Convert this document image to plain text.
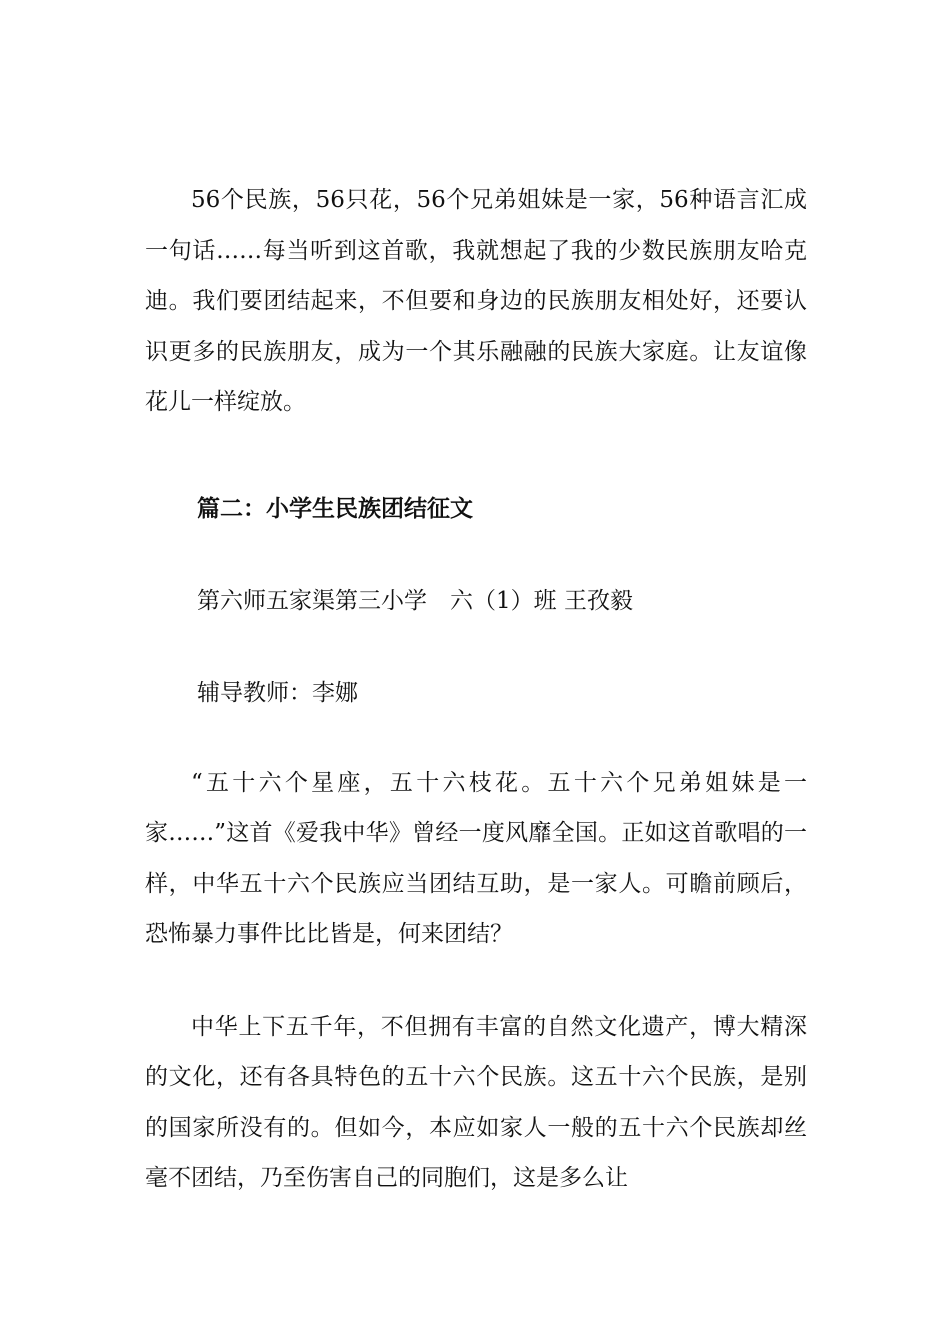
56个民族，56只花，56个兄弟姐妹是一家，56种语言汇成一句话……每当听到这首歌，我就想起了我的少数民族朋友哈克迪。我们要团结起来，不但要和身边的民族朋友相处好，还要认识更多的民族朋友，成为一个其乐融融的民族大家庭。让友谊像花儿一样绽放。

篇二：小学生民族团结征文

第六师五家渠第三小学　六（1）班 王孜毅

辅导教师：李娜

“五十六个星座，五十六枝花。五十六个兄弟姐妹是一家……”这首《爱我中华》曾经一度风靡全国。正如这首歌唱的一样，中华五十六个民族应当团结互助，是一家人。可瞻前顾后，恐怖暴力事件比比皆是，何来团结？

中华上下五千年，不但拥有丰富的自然文化遗产，博大精深的文化，还有各具特色的五十六个民族。这五十六个民族，是别的国家所没有的。但如今，本应如家人一般的五十六个民族却丝毫不团结，乃至伤害自己的同胞们，这是多么让
